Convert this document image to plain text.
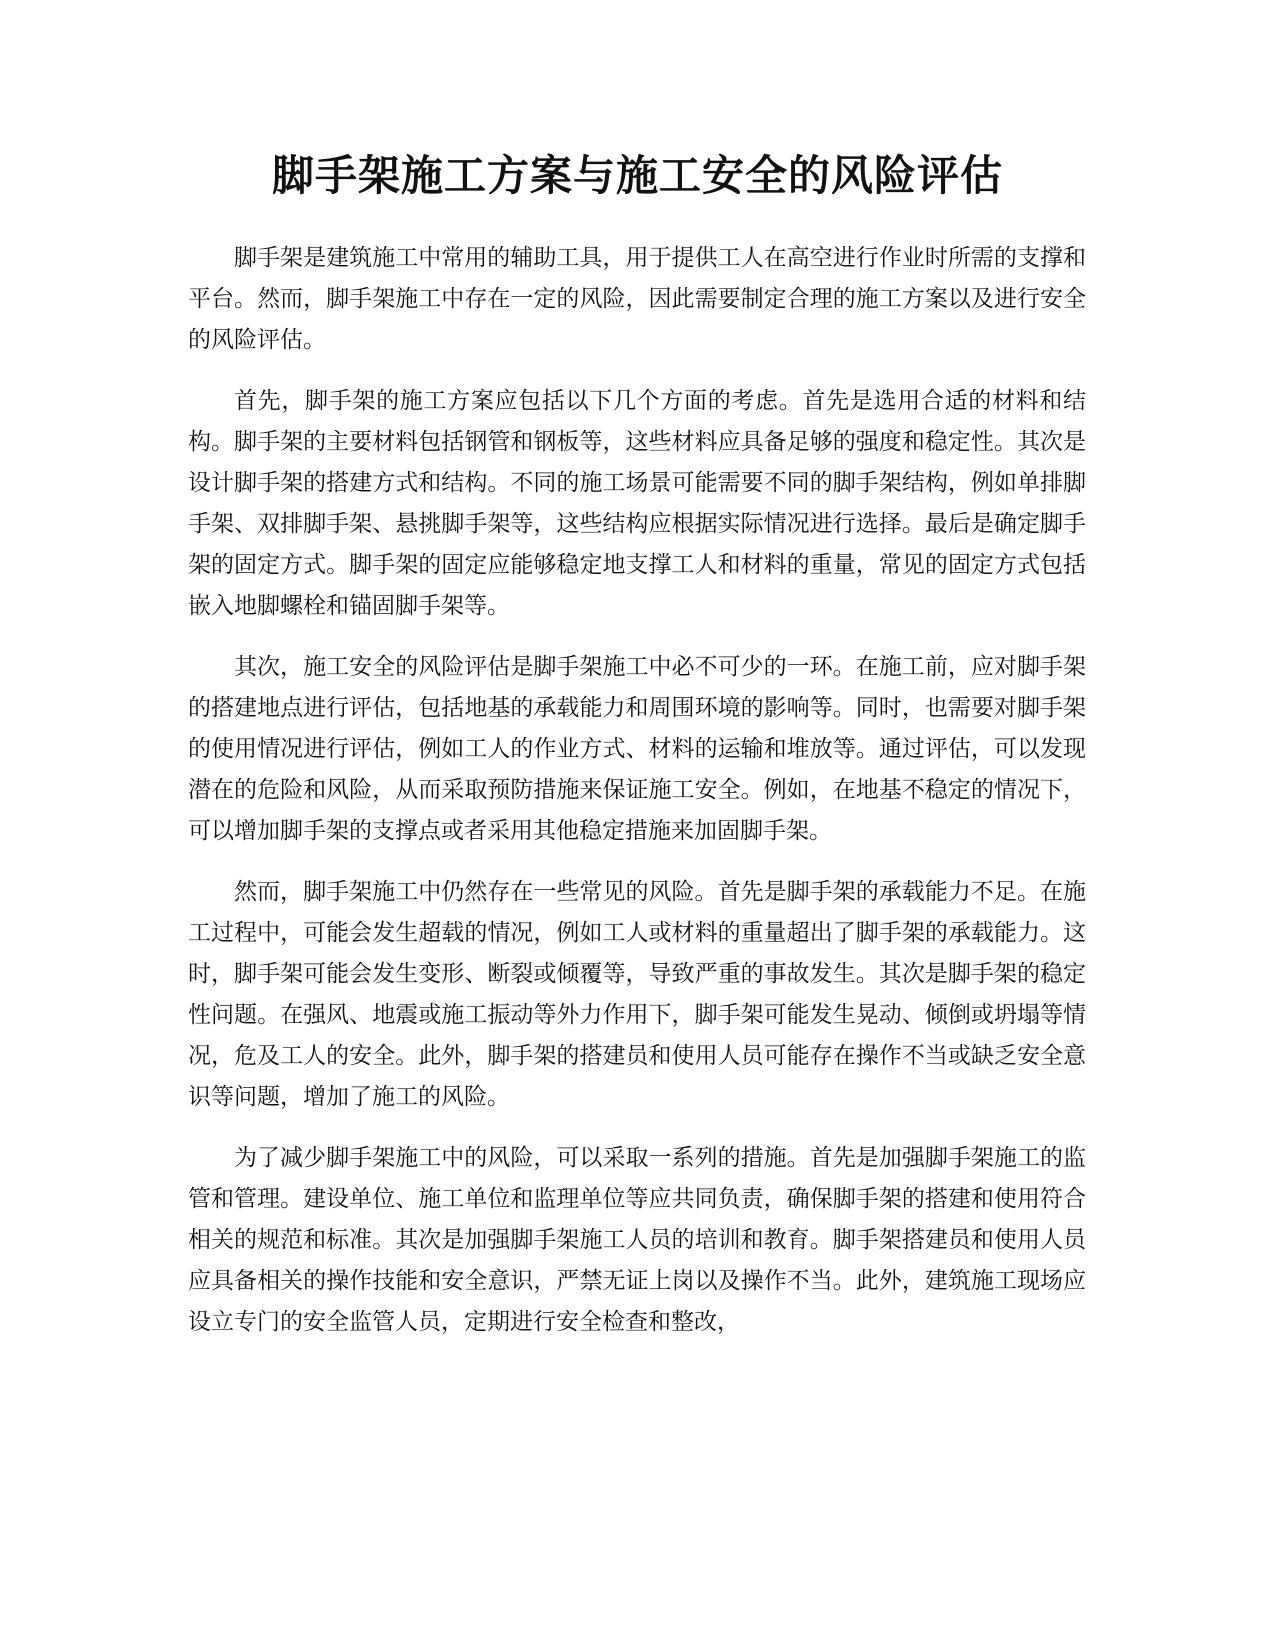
脚手架施工方案与施工安全的风险评估

脚手架是建筑施工中常用的辅助工具，用于提供工人在高空进行作业时所需的支撑和平台。然而，脚手架施工中存在一定的风险，因此需要制定合理的施工方案以及进行安全的风险评估。

首先，脚手架的施工方案应包括以下几个方面的考虑。首先是选用合适的材料和结构。脚手架的主要材料包括钢管和钢板等，这些材料应具备足够的强度和稳定性。其次是设计脚手架的搭建方式和结构。不同的施工场景可能需要不同的脚手架结构，例如单排脚手架、双排脚手架、悬挑脚手架等，这些结构应根据实际情况进行选择。最后是确定脚手架的固定方式。脚手架的固定应能够稳定地支撑工人和材料的重量，常见的固定方式包括嵌入地脚螺栓和锚固脚手架等。

其次，施工安全的风险评估是脚手架施工中必不可少的一环。在施工前，应对脚手架的搭建地点进行评估，包括地基的承载能力和周围环境的影响等。同时，也需要对脚手架的使用情况进行评估，例如工人的作业方式、材料的运输和堆放等。通过评估，可以发现潜在的危险和风险，从而采取预防措施来保证施工安全。例如，在地基不稳定的情况下，可以增加脚手架的支撑点或者采用其他稳定措施来加固脚手架。

然而，脚手架施工中仍然存在一些常见的风险。首先是脚手架的承载能力不足。在施工过程中，可能会发生超载的情况，例如工人或材料的重量超出了脚手架的承载能力。这时，脚手架可能会发生变形、断裂或倾覆等，导致严重的事故发生。其次是脚手架的稳定性问题。在强风、地震或施工振动等外力作用下，脚手架可能发生晃动、倾倒或坍塌等情况，危及工人的安全。此外，脚手架的搭建员和使用人员可能存在操作不当或缺乏安全意识等问题，增加了施工的风险。

为了减少脚手架施工中的风险，可以采取一系列的措施。首先是加强脚手架施工的监管和管理。建设单位、施工单位和监理单位等应共同负责，确保脚手架的搭建和使用符合相关的规范和标准。其次是加强脚手架施工人员的培训和教育。脚手架搭建员和使用人员应具备相关的操作技能和安全意识，严禁无证上岗以及操作不当。此外，建筑施工现场应设立专门的安全监管人员，定期进行安全检查和整改，
